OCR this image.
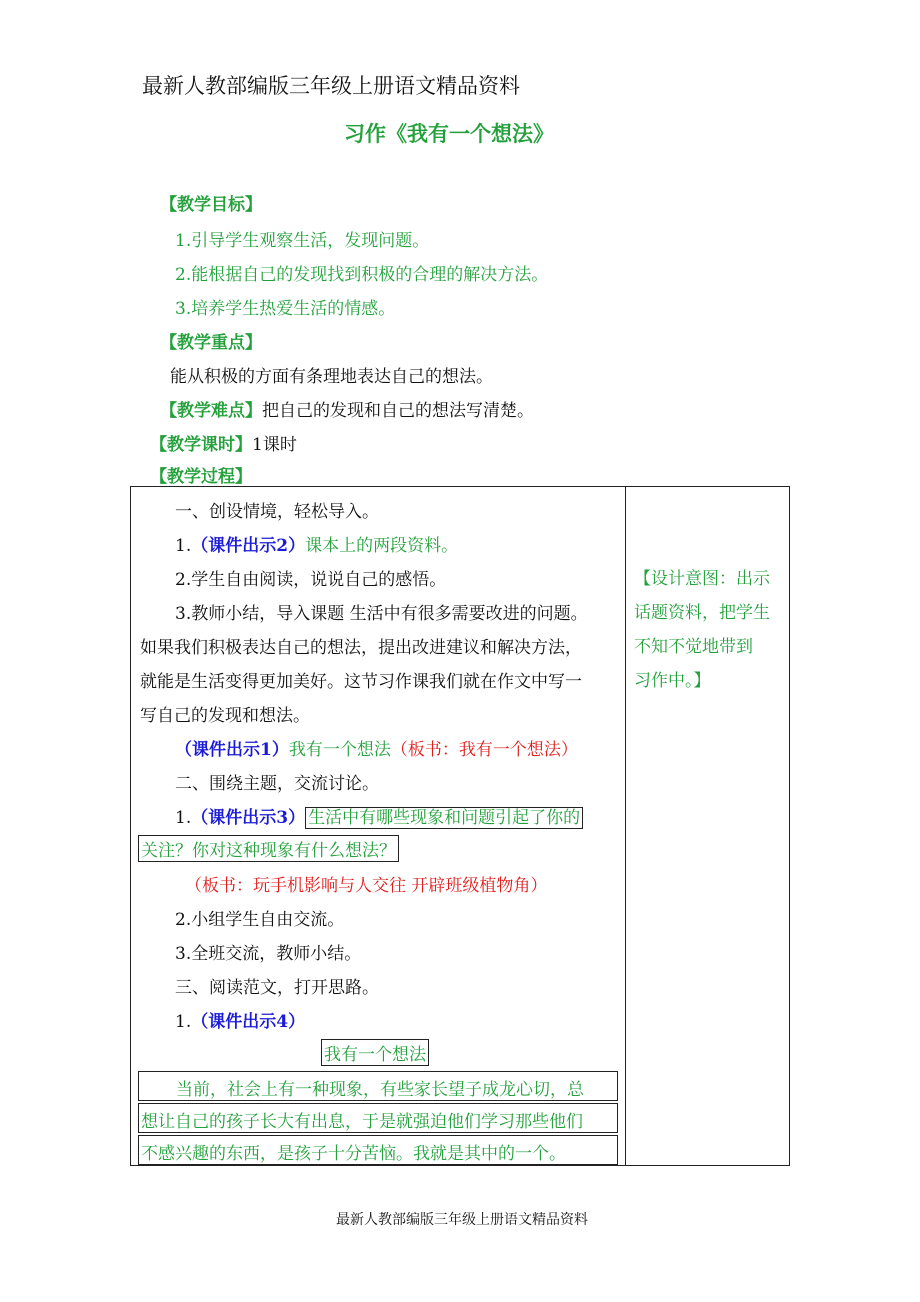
最新人教部编版三年级上册语文精品资料
习作《我有一个想法》
【教学目标】
1.引导学生观察生活，发现问题。
2.能根据自己的发现找到积极的合理的解决方法。
3.培养学生热爱生活的情感。
【教学重点】
能从积极的方面有条理地表达自己的想法。
【教学难点】把自己的发现和自己的想法写清楚。
【教学课时】1课时
【教学过程】
一、创设情境，轻松导入。
1.（课件出示2）课本上的两段资料。
2.学生自由阅读，说说自己的感悟。
3.教师小结，导入课题 生活中有很多需要改进的问题。
如果我们积极表达自己的想法，提出改进建议和解决方法，
就能是生活变得更加美好。这节习作课我们就在作文中写一
写自己的发现和想法。
（课件出示1）我有一个想法（板书：我有一个想法）
二、围绕主题，交流讨论。
1.（课件出示3） 生活中有哪些现象和问题引起了你的
关注？你对这种现象有什么想法？
（板书：玩手机影响与人交往 开辟班级植物角）
2.小组学生自由交流。
3.全班交流，教师小结。
三、阅读范文，打开思路。
1.（课件出示4）
我有一个想法
当前，社会上有一种现象，有些家长望子成龙心切，总
想让自己的孩子长大有出息，于是就强迫他们学习那些他们
不感兴趣的东西，是孩子十分苦恼。我就是其中的一个。
【设计意图：出示
话题资料，把学生
不知不觉地带到
习作中。】
最新人教部编版三年级上册语文精品资料
